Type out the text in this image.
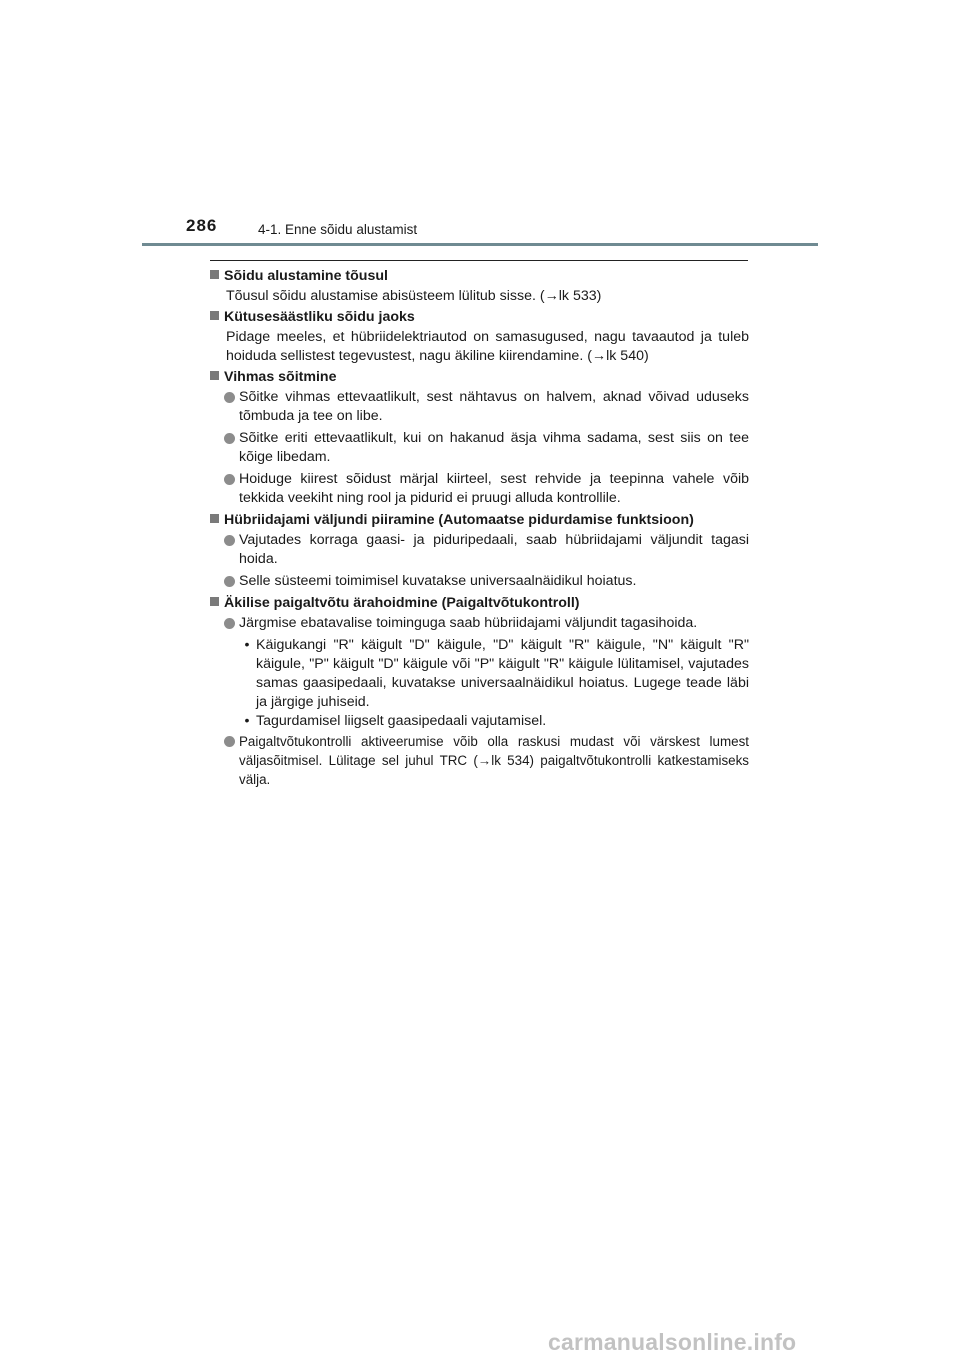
286	4-1. Enne sõidu alustamist
Sõidu alustamine tõusul
Tõusul sõidu alustamise abisüsteem lülitub sisse. (→lk 533)
Kütusesäästliku sõidu jaoks
Pidage meeles, et hübriidelektriautod on samasugused, nagu tavaautod ja tuleb hoiduda sellistest tegevustest, nagu äkiline kiirendamine. (→lk 540)
Vihmas sõitmine
Sõitke vihmas ettevaatlikult, sest nähtavus on halvem, aknad võivad uduseks tõmbuda ja tee on libe.
Sõitke eriti ettevaatlikult, kui on hakanud äsja vihma sadama, sest siis on tee kõige libedam.
Hoiduge kiirest sõidust märjal kiirteel, sest rehvide ja teepinna vahele võib tekkida veekiht ning rool ja pidurid ei pruugi alluda kontrollile.
Hübriidajami väljundi piiramine (Automaatse pidurdamise funktsioon)
Vajutades korraga gaasi- ja piduripedaali, saab hübriidajami väljundit tagasi hoida.
Selle süsteemi toimimisel kuvatakse universaalnäidikul hoiatus.
Äkilise paigaltvõtu ärahoidmine (Paigaltvõtukontroll)
Järgmise ebatavalise toiminguga saab hübriidajami väljundit tagasihoida.
• Käigukangi "R" käigult "D" käigule, "D" käigult "R" käigule, "N" käigult "R" käigule, "P" käigult "D" käigule või "P" käigult "R" käigule lülitamisel, vajutades samas gaasipedaali, kuvatakse universaalnäidikul hoiatus. Lugege teade läbi ja järgige juhiseid.
• Tagurdamisel liigselt gaasipedaali vajutamisel.
Paigaltvõtukontrolli aktiveerumise võib olla raskusi mudast või värskest lumest väljasõitmisel. Lülitage sel juhul TRC (→lk 534) paigaltvõtukontrolli katkestamiseks välja.
carmanualsonline.info
